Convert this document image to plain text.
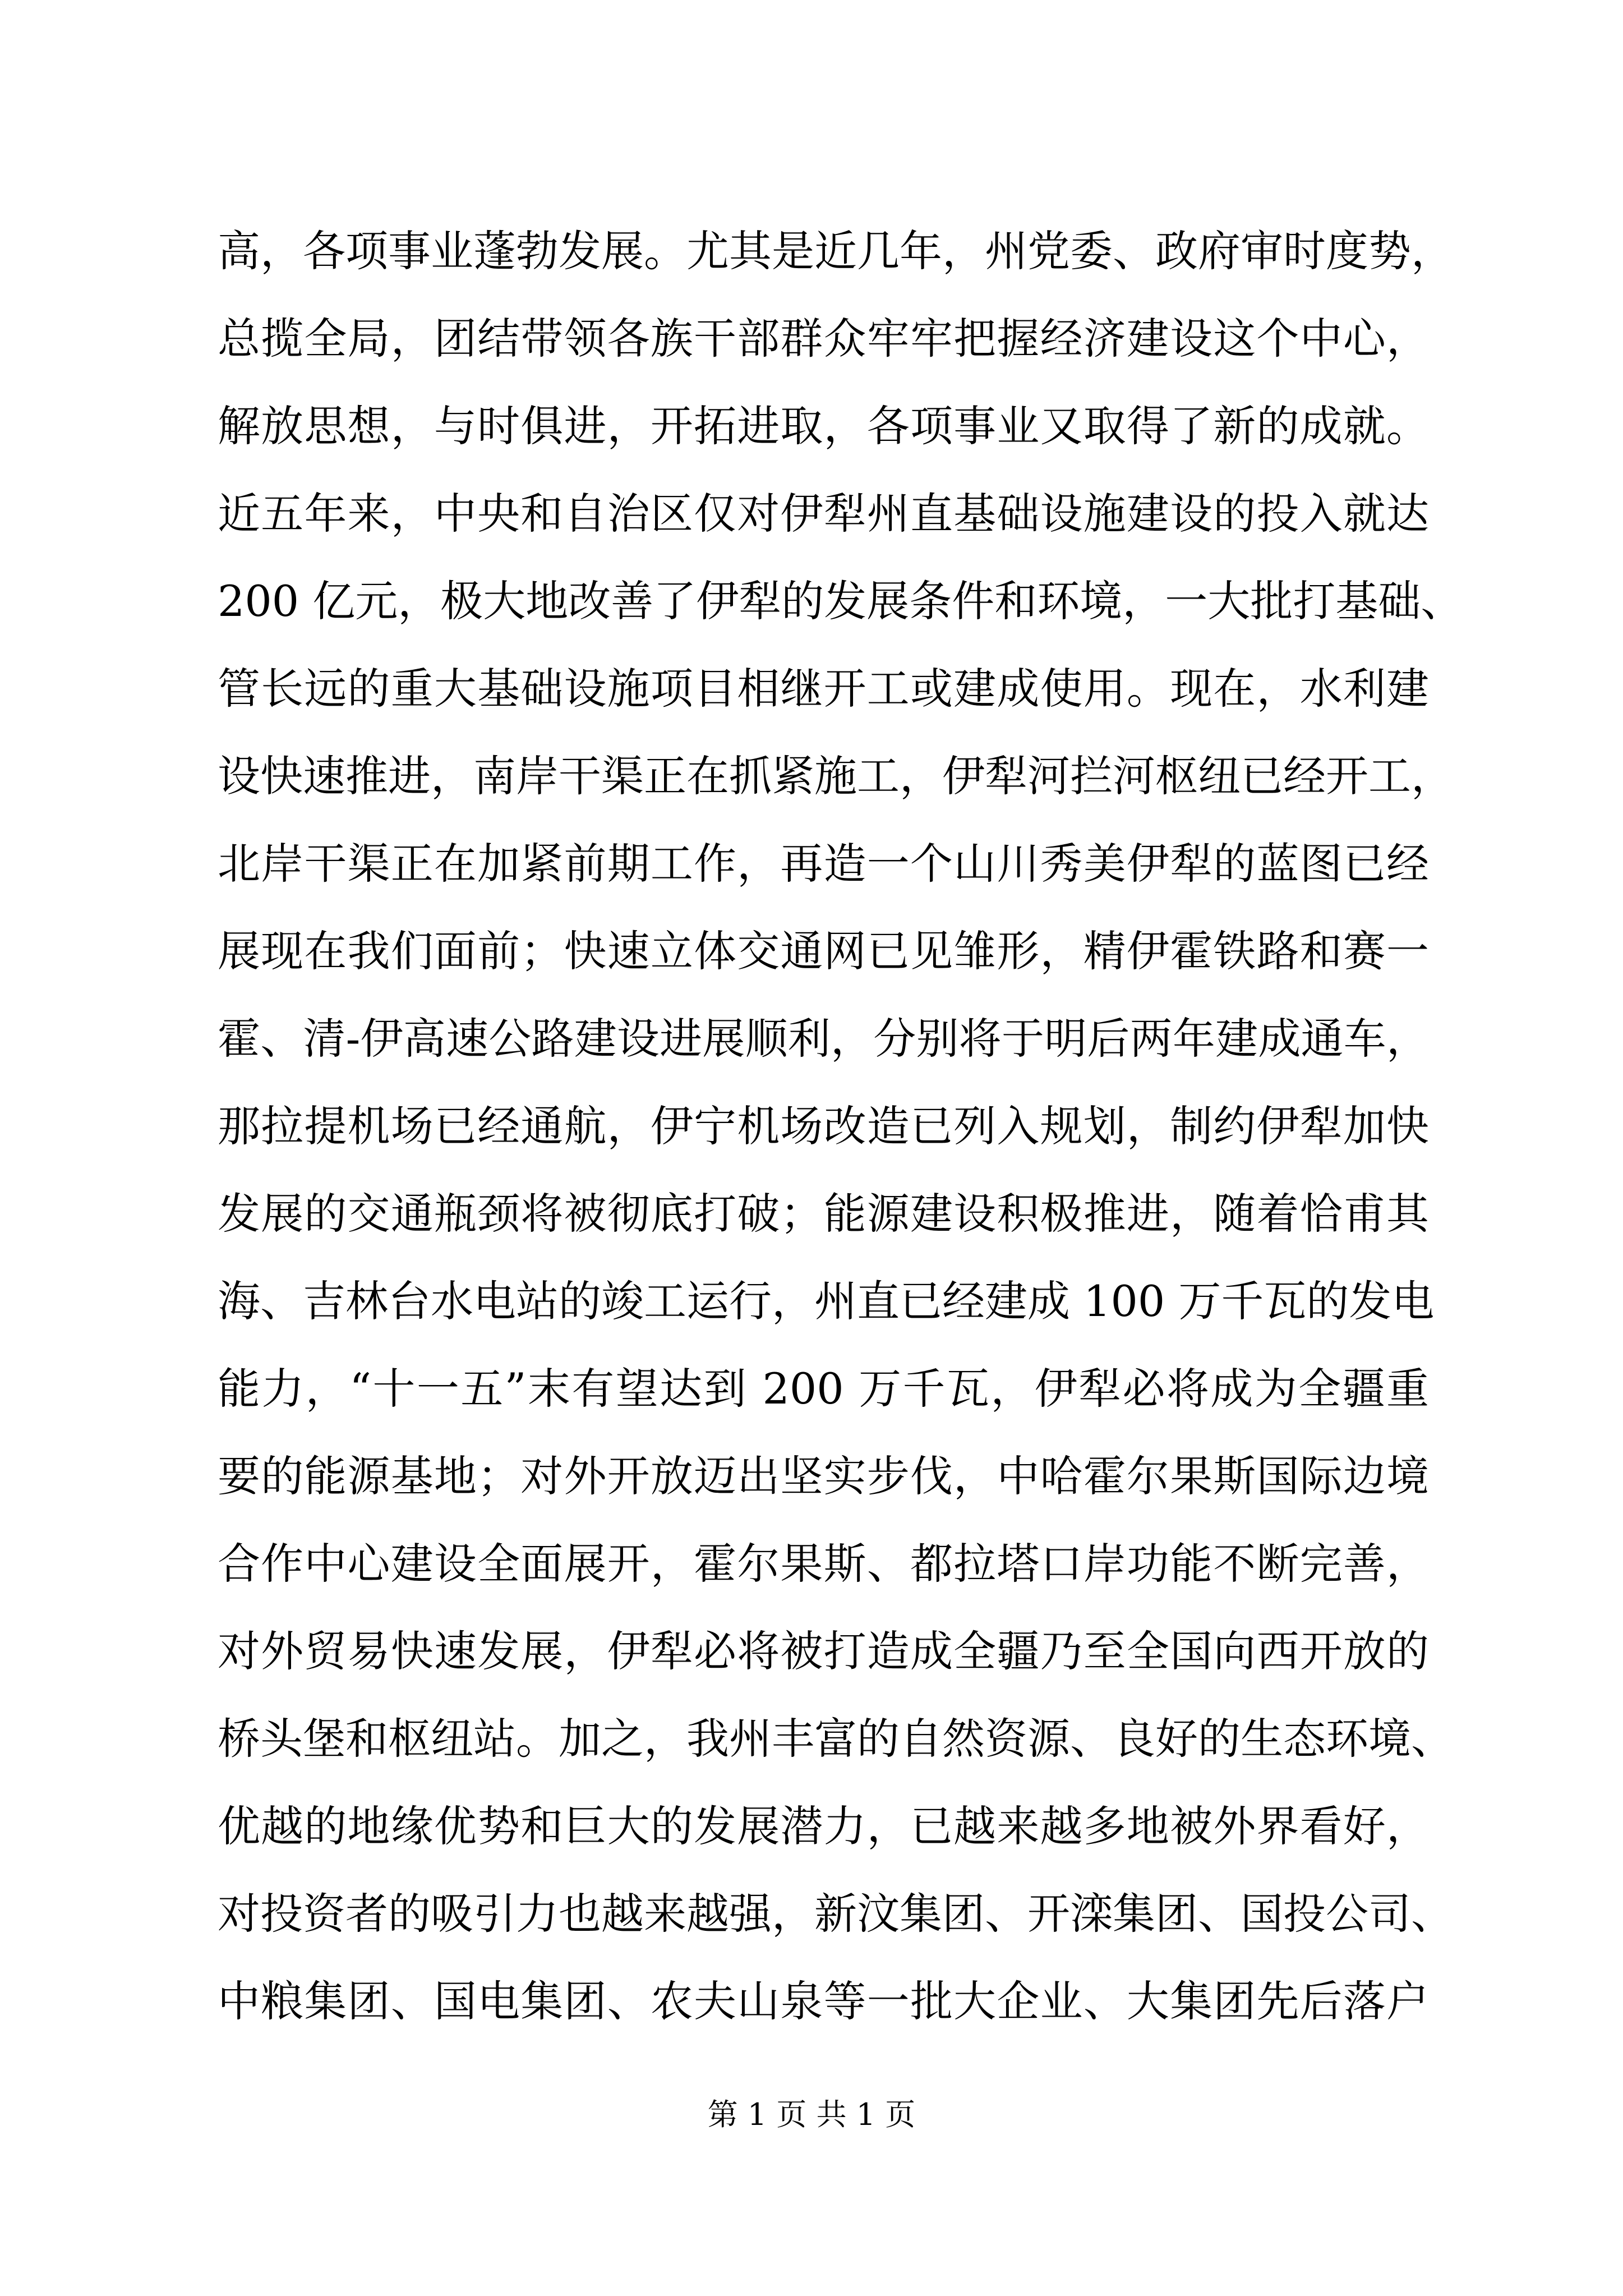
高，各项事业蓬勃发展。尤其是近几年，州党委、政府审时度势，
总揽全局，团结带领各族干部群众牢牢把握经济建设这个中心，
解放思想，与时俱进，开拓进取，各项事业又取得了新的成就。
近五年来，中央和自治区仅对伊犁州直基础设施建设的投入就达
200 亿元，极大地改善了伊犁的发展条件和环境，一大批打基础、
管长远的重大基础设施项目相继开工或建成使用。现在，水利建
设快速推进，南岸干渠正在抓紧施工，伊犁河拦河枢纽已经开工，
北岸干渠正在加紧前期工作，再造一个山川秀美伊犁的蓝图已经
展现在我们面前；快速立体交通网已见雏形，精伊霍铁路和赛一
霍、清-伊高速公路建设进展顺利，分别将于明后两年建成通车，
那拉提机场已经通航，伊宁机场改造已列入规划，制约伊犁加快
发展的交通瓶颈将被彻底打破；能源建设积极推进，随着恰甫其
海、吉林台水电站的竣工运行，州直已经建成 100 万千瓦的发电
能力，“十一五”末有望达到 200 万千瓦，伊犁必将成为全疆重
要的能源基地；对外开放迈出坚实步伐，中哈霍尔果斯国际边境
合作中心建设全面展开，霍尔果斯、都拉塔口岸功能不断完善，
对外贸易快速发展，伊犁必将被打造成全疆乃至全国向西开放的
桥头堡和枢纽站。加之，我州丰富的自然资源、良好的生态环境、
优越的地缘优势和巨大的发展潜力，已越来越多地被外界看好，
对投资者的吸引力也越来越强，新汶集团、开滦集团、国投公司、
中粮集团、国电集团、农夫山泉等一批大企业、大集团先后落户
第 1 页 共 1 页
